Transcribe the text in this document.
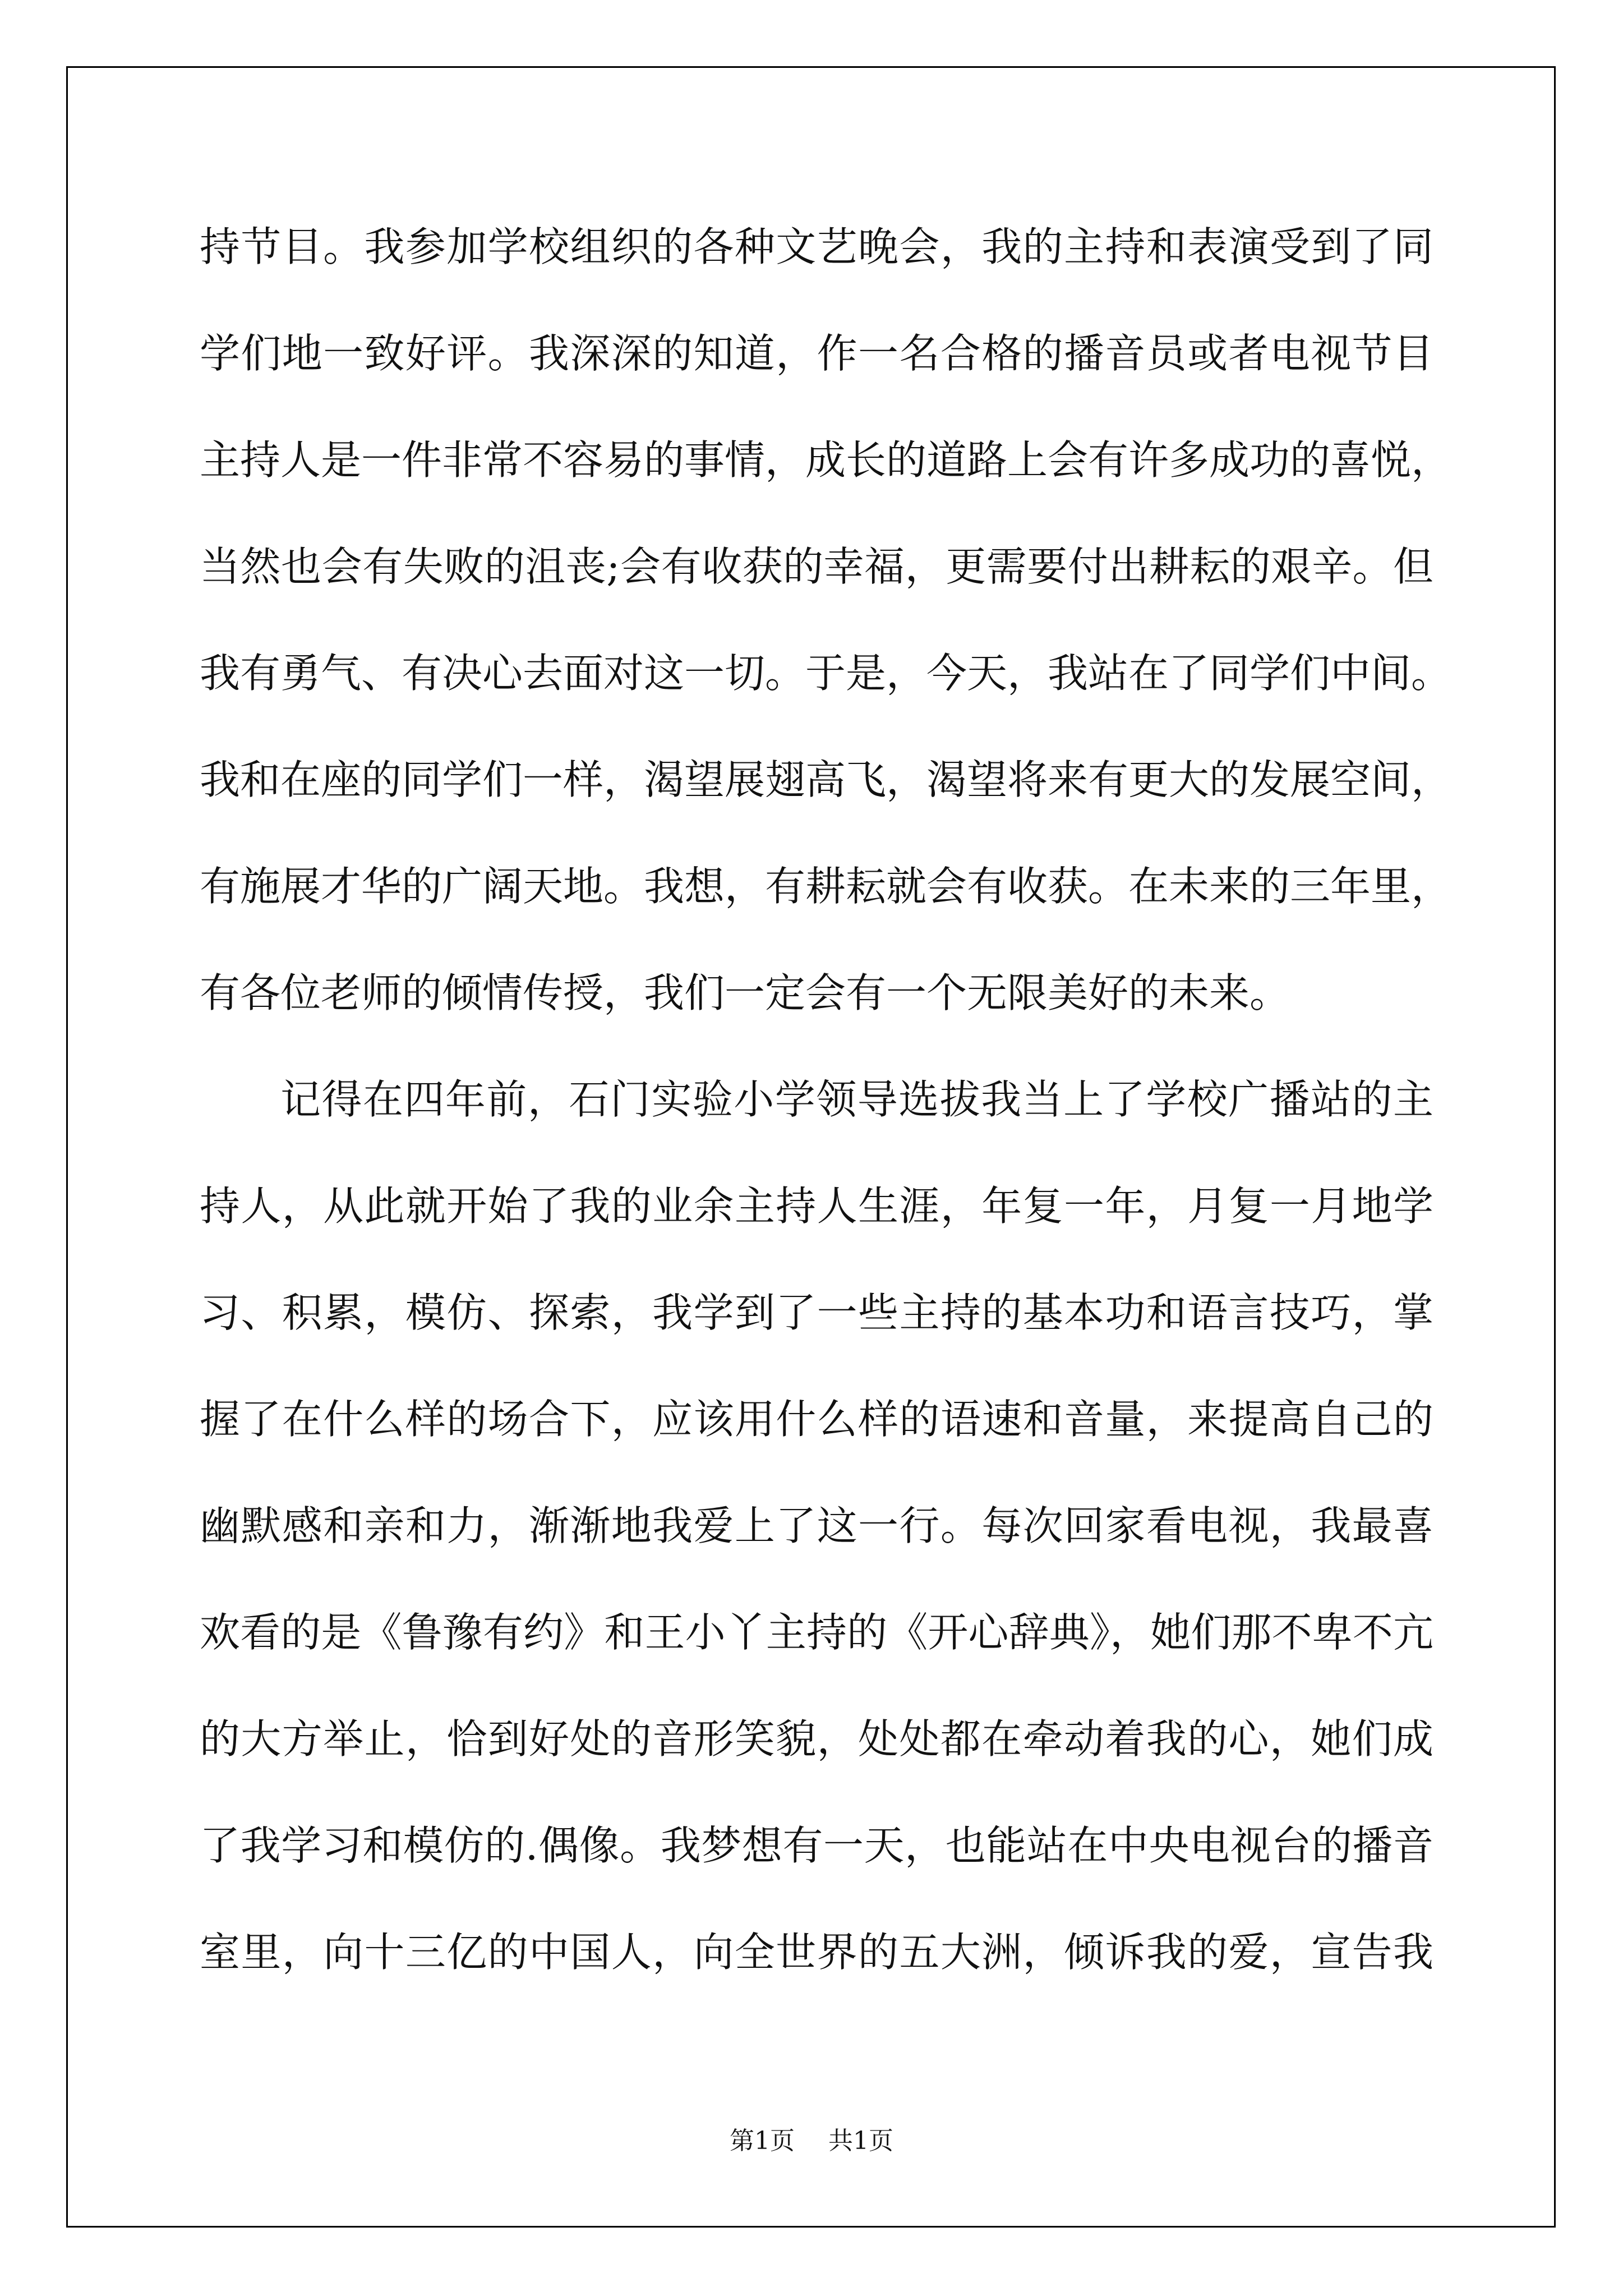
持节目。我参加学校组织的各种文艺晚会，我的主持和表演受到了同
学们地一致好评。我深深的知道，作一名合格的播音员或者电视节目
主持人是一件非常不容易的事情，成长的道路上会有许多成功的喜悦，
当然也会有失败的沮丧;会有收获的幸福，更需要付出耕耘的艰辛。但
我有勇气、有决心去面对这一切。于是，今天，我站在了同学们中间。
我和在座的同学们一样，渴望展翅高飞，渴望将来有更大的发展空间，
有施展才华的广阔天地。我想，有耕耘就会有收获。在未来的三年里，
有各位老师的倾情传授，我们一定会有一个无限美好的未来。

记得在四年前，石门实验小学领导选拔我当上了学校广播站的主
持人，从此就开始了我的业余主持人生涯，年复一年，月复一月地学
习、积累，模仿、探索，我学到了一些主持的基本功和语言技巧，掌
握了在什么样的场合下，应该用什么样的语速和音量，来提高自己的
幽默感和亲和力，渐渐地我爱上了这一行。每次回家看电视，我最喜
欢看的是《鲁豫有约》和王小丫主持的《开心辞典》，她们那不卑不亢
的大方举止，恰到好处的音形笑貌，处处都在牵动着我的心，她们成
了我学习和模仿的.偶像。我梦想有一天，也能站在中央电视台的播音
室里，向十三亿的中国人，向全世界的五大洲，倾诉我的爱，宣告我

第1页 共1页
